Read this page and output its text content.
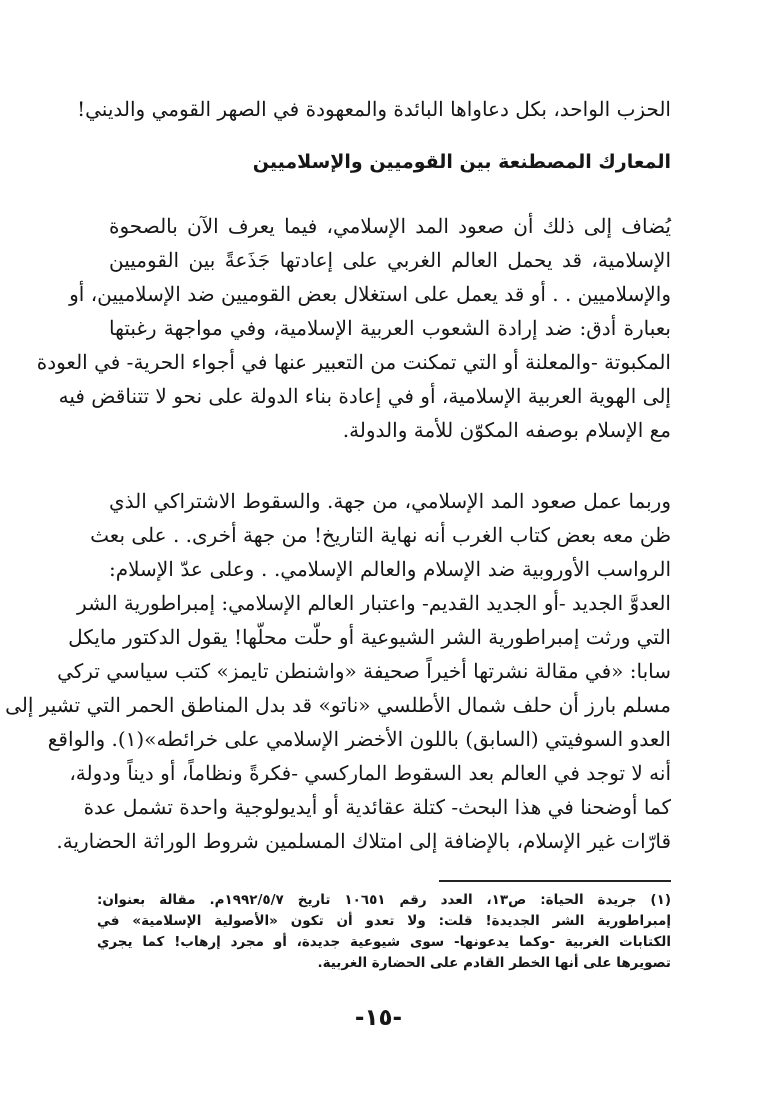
الحزب الواحد، بكل دعاواها البائدة والمعهودة في الصهر القومي والديني!
المعارك المصطنعة بين القوميين والإسلاميين
يُضاف إلى ذلك أن صعود المد الإسلامي، فيما يعرف الآن بالصحوة
الإسلامية، قد يحمل العالم الغربي على إعادتها جَذَعةً بين القوميين
والإسلاميين . . أو قد يعمل على استغلال بعض القوميين ضد الإسلاميين، أو
بعبارة أدق: ضد إرادة الشعوب العربية الإسلامية، وفي مواجهة رغبتها
المكبوتة -والمعلنة أو التي تمكنت من التعبير عنها في أجواء الحرية- في العودة
إلى الهوية العربية الإسلامية، أو في إعادة بناء الدولة على نحو لا تتناقض فيه
مع الإسلام بوصفه المكوّن للأمة والدولة.
وربما عمل صعود المد الإسلامي، من جهة. والسقوط الاشتراكي الذي
ظن معه بعض كتاب الغرب أنه نهاية التاريخ! من جهة أخرى. . على بعث
الرواسب الأوروبية ضد الإسلام والعالم الإسلامي. . وعلى عدّ الإسلام:
العدوَّ الجديد -أو الجديد القديم- واعتبار العالم الإسلامي: إمبراطورية الشر
التي ورثت إمبراطورية الشر الشيوعية أو حلّت محلّها! يقول الدكتور مايكل
سابا: «في مقالة نشرتها أخيراً صحيفة «واشنطن تايمز» كتب سياسي تركي
مسلم بارز أن حلف شمال الأطلسي «ناتو» قد بدل المناطق الحمر التي تشير إلى
العدو السوفيتي (السابق) باللون الأخضر الإسلامي على خرائطه»(١). والواقع
أنه لا توجد في العالم بعد السقوط الماركسي -فكرةً ونظاماً، أو ديناً ودولة،
كما أوضحنا في هذا البحث- كتلة عقائدية أو أيديولوجية واحدة تشمل عدة
قارّات غير الإسلام، بالإضافة إلى امتلاك المسلمين شروط الوراثة الحضارية.
(١) جريدة الحياة: ص١٣، العدد رقم ١٠٦٥١ تاريخ ١٩٩٢/٥/٧م. مقالة بعنوان:
إمبراطورية الشر الجديدة! قلت: ولا تعدو أن تكون «الأصولية الإسلامية» في
الكتابات الغربية -وكما يدعونها- سوى شيوعية جديدة، أو مجرد إرهاب! كما يجري
تصويرها على أنها الخطر القادم على الحضارة الغربية.
-١٥-
